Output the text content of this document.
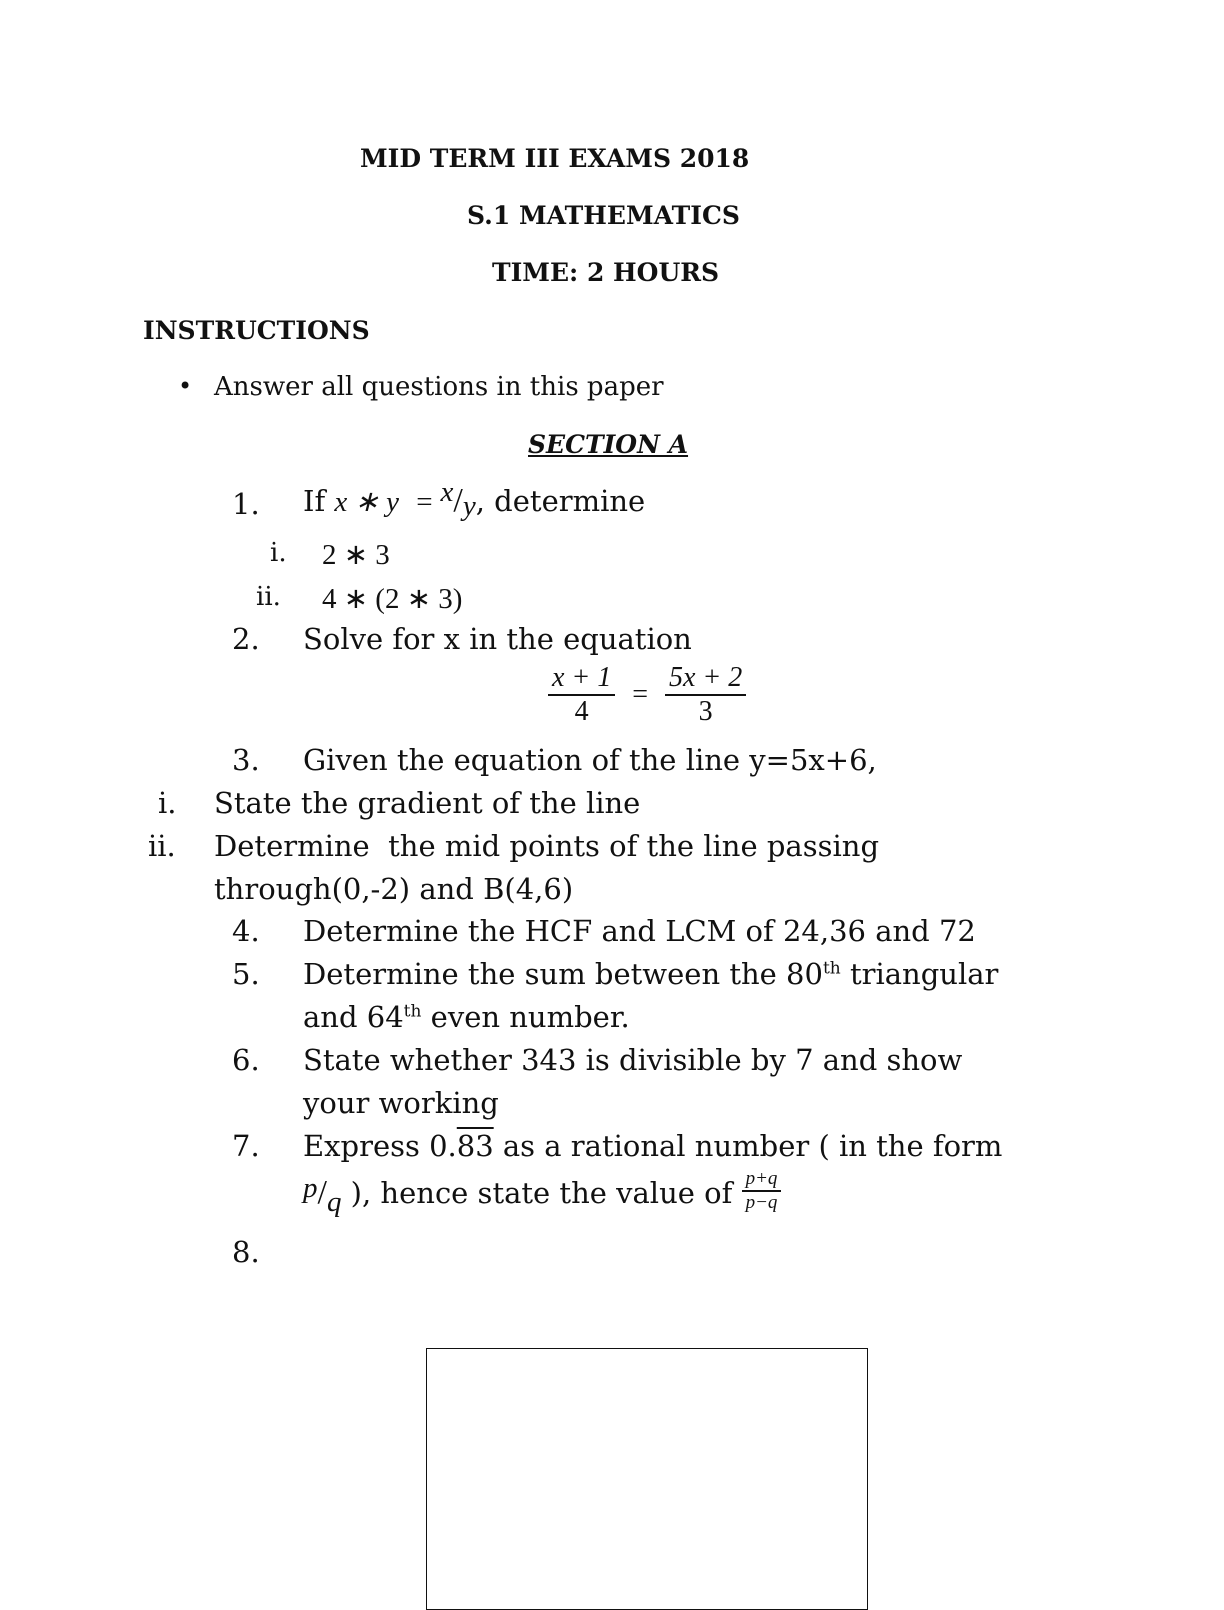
MID TERM III EXAMS 2018
S.1 MATHEMATICS
TIME: 2 HOURS
INSTRUCTIONS
• Answer all questions in this paper
SECTION A
1. If x ∗ y = x/y, determine
i. 2 ∗ 3
ii. 4 ∗ (2 ∗ 3)
2. Solve for x in the equation
$\frac{x + 1}{4} = \frac{5x + 2}{3}$
3. Given the equation of the line y=5x+6,
i. State the gradient of the line
ii. Determine  the mid points of the line passing
through(0,-2) and B(4,6)
4. Determine the HCF and LCM of 24,36 and 72
5. Determine the sum between the 80th triangular
and 64th even number.
6. State whether 343 is divisible by 7 and show
your working
7. Express 0.83 as a rational number ( in the form
p/q ), hence state the value of $\frac{p+q}{p-q}$
8.
